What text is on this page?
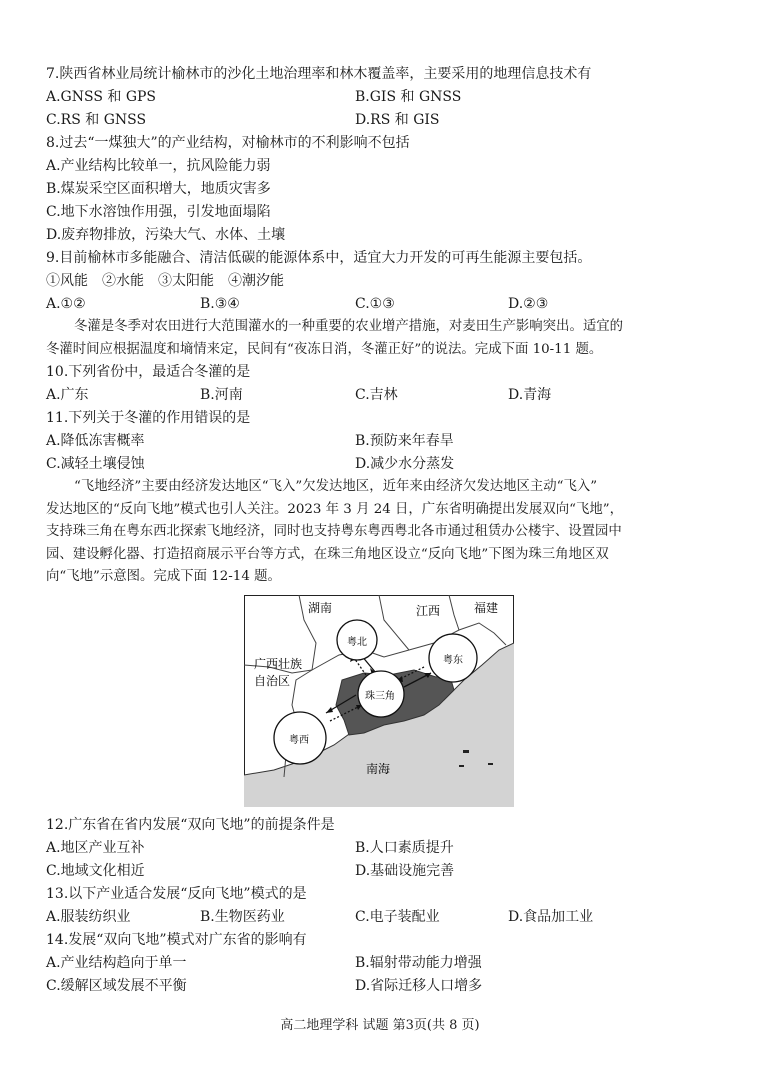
7.陕西省林业局统计榆林市的沙化土地治理率和林木覆盖率，主要采用的地理信息技术有
A.GNSS 和 GPS	B.GIS 和 GNSS
C.RS 和 GNSS	D.RS 和 GIS
8.过去“一煤独大”的产业结构，对榆林市的不利影响不包括
A.产业结构比较单一，抗风险能力弱
B.煤炭采空区面积增大，地质灾害多
C.地下水溶蚀作用强，引发地面塌陷
D.废弃物排放，污染大气、水体、土壤
9.目前榆林市多能融合、清洁低碳的能源体系中，适宜大力开发的可再生能源主要包括。
①风能　②水能　③太阳能　④潮汐能
A.①②	B.③④	C.①③	D.②③
冬灌是冬季对农田进行大范围灌水的一种重要的农业增产措施，对麦田生产影响突出。适宜的
冬灌时间应根据温度和墒情来定，民间有“夜冻日消，冬灌正好”的说法。完成下面 10-11 题。
10.下列省份中，最适合冬灌的是
A.广东	B.河南	C.吉林	D.青海
11.下列关于冬灌的作用错误的是
A.降低冻害概率	B.预防来年春旱
C.减轻土壤侵蚀	D.减少水分蒸发
“飞地经济”主要由经济发达地区“飞入”欠发达地区，近年来由经济欠发达地区主动“飞入”
发达地区的“反向飞地”模式也引人关注。2023 年 3 月 24 日，广东省明确提出发展双向“飞地”，
支持珠三角在粤东西北探索飞地经济，同时也支持粤东粤西粤北各市通过租赁办公楼宇、设置园中
园、建设孵化器、打造招商展示平台等方式，在珠三角地区设立“反向飞地”下图为珠三角地区双
向“飞地”示意图。完成下面 12-14 题。
湖南	江西	福建
广西壮族
自治区
粤北
粤东
珠三角
粤西
南海
12.广东省在省内发展“双向飞地”的前提条件是
A.地区产业互补	B.人口素质提升
C.地域文化相近	D.基础设施完善
13.以下产业适合发展“反向飞地”模式的是
A.服装纺织业	B.生物医药业	C.电子装配业	D.食品加工业
14.发展“双向飞地”模式对广东省的影响有
A.产业结构趋向于单一	B.辐射带动能力增强
C.缓解区域发展不平衡	D.省际迁移人口增多
高二地理学科 试题 第3页(共 8 页)
